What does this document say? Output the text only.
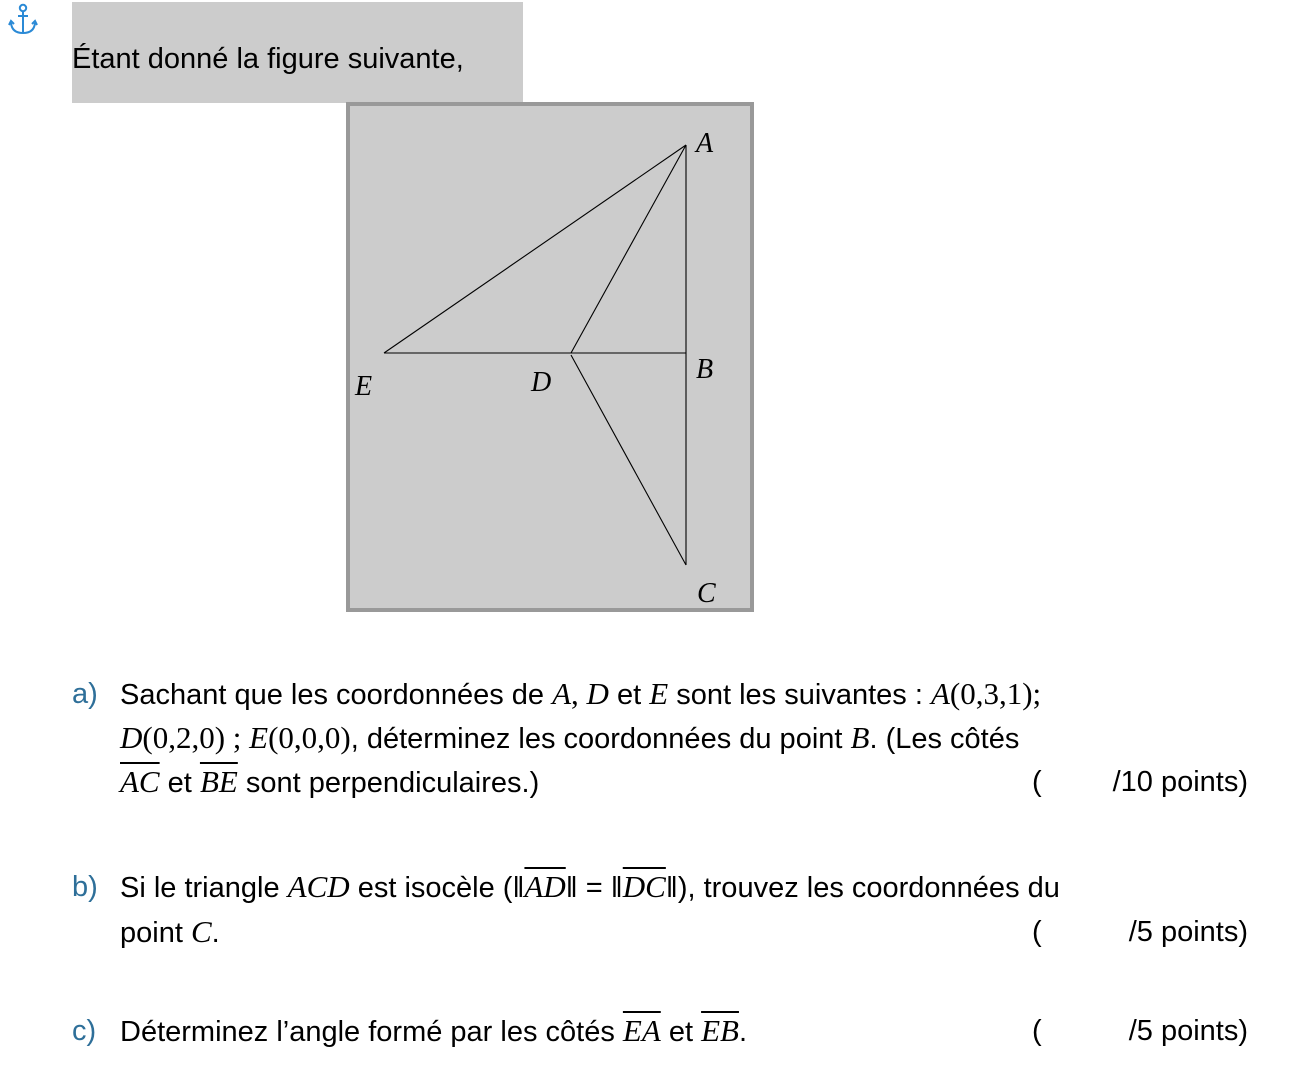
Étant donné la figure suivante,
A
B
C
D
E
a) Sachant que les coordonnées de A, D et E sont les suivantes : A(0,3,1);
D(0,2,0) ; E(0,0,0), déterminez les coordonnées du point B. (Les côtés
$\overline{AC}$ et $\overline{BE}$ sont perpendiculaires.)	( /10 points)
b) Si le triangle ACD est isocèle ($‖\overline{AD}‖$ = $‖\overline{DC}‖$), trouvez les coordonnées du
point C.	(	/5 points)
c) Déterminez l’angle formé par les côtés $\overline{EA}$ et $\overline{EB}$.	(	/5 points)
